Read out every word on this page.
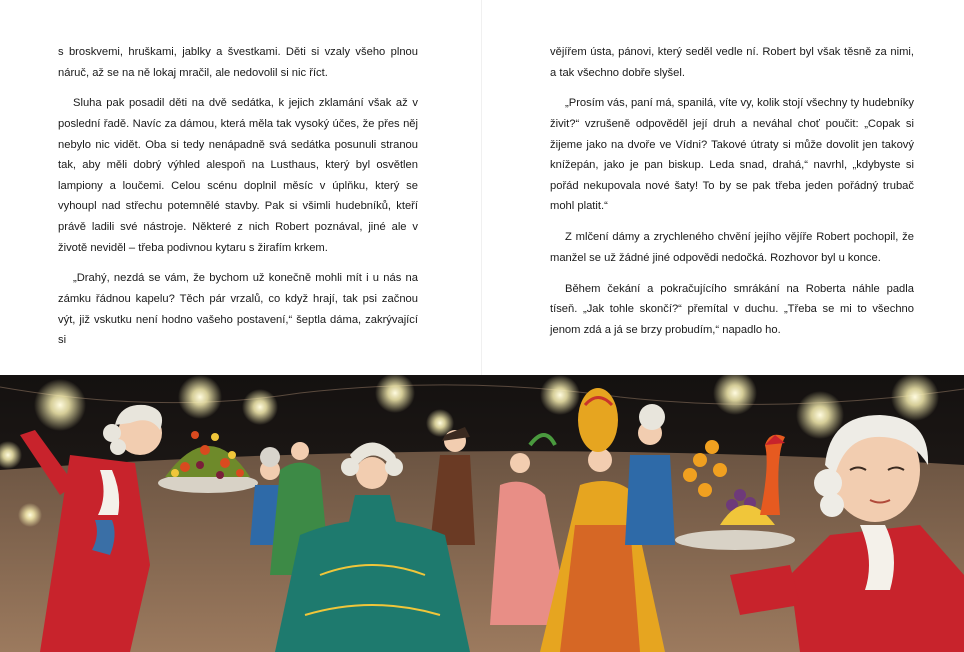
s broskvemi, hruškami, jablky a švestkami. Děti si vzaly všeho plnou náruč, až se na ně lokaj mračil, ale nedovolil si nic říct.

Sluha pak posadil děti na dvě sedátka, k jejich zklamání však až v poslední řadě. Navíc za dámou, která měla tak vysoký účes, že přes něj nebylo nic vidět. Oba si tedy nenápadně svá sedátka posunuli stranou tak, aby měli dobrý výhled alespoň na Lusthaus, který byl osvětlen lampiony a loučemi. Celou scénu doplnil měsíc v úplňku, který se vyhoupl nad střechu potemnělé stavby. Pak si všimli hudebníků, kteří právě ladili své nástroje. Některé z nich Robert poznával, jiné ale v životě neviděl – třeba podivnou kytaru s žirafím krkem.

„Drahý, nezdá se vám, že bychom už konečně mohli mít i u nás na zámku řádnou kapelu? Těch pár vrzalů, co když hrají, tak psi začnou výt, již vskutku není hodno vašeho postavení,“ šeptla dáma, zakrývající si

vějířem ústa, pánovi, který seděl vedle ní. Robert byl však těsně za nimi, a tak všechno dobře slyšel.

„Prosím vás, paní má, spanilá, víte vy, kolik stojí všechny ty hudebníky živit?“ vzrušeně odpověděl její druh a neváhal choť poučit: „Copak si žijeme jako na dvoře ve Vídni? Takové útraty si může dovolit jen takový knížepán, jako je pan biskup. Leda snad, drahá,“ navrhl, „kdybyste si pořád nekupovala nové šaty! To by se pak třeba jeden pořádný trubač mohl platit.“

Z mlčení dámy a zrychleného chvění jejího vějíře Robert pochopil, že manžel se už žádné jiné odpovědi nedočká. Rozhovor byl u konce.

Během čekání a pokračujícího smrákání na Roberta náhle padla tíseň. „Jak tohle skončí?“ přemítal v duchu. „Třeba se mi to všechno jenom zdá a já se brzy probudím,“ napadlo ho.
